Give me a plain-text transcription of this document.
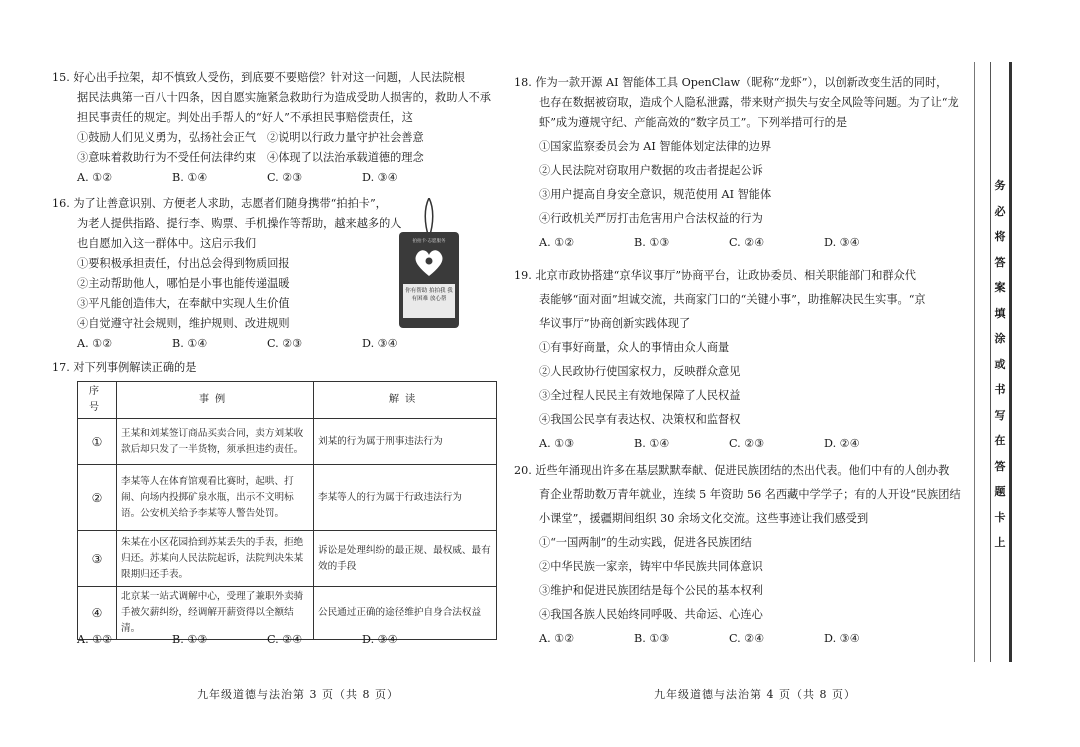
15. 好心出手拉架，却不慎致人受伤，到底要不要赔偿？针对这一问题，人民法院根
据民法典第一百八十四条，因自愿实施紧急救助行为造成受助人损害的，救助人不承
担民事责任的规定。判处出手帮人的“好人”不承担民事赔偿责任，这
①鼓励人们见义勇为，弘扬社会正气 ②说明以行政力量守护社会善意
③意味着救助行为不受任何法律约束 ④体现了以法治承载道德的理念
A. ①②	B. ①④	C. ②③	D. ③④
16. 为了让善意识别、方便老人求助，志愿者们随身携带“拍拍卡”，
为老人提供指路、提行李、购票、手机操作等帮助，越来越多的人
也自愿加入这一群体中。这启示我们
①要积极承担责任，付出总会得到物质回报
②主动帮助他人，哪怕是小事也能传递温暖
③平凡能创造伟大，在奉献中实现人生价值
④自觉遵守社会规则，维护规则、改进规则
A. ①②	B. ①④	C. ②③	D. ③④
17. 对下列事例解读正确的是
序号	事例	解读
①	王某和刘某签订商品买卖合同，卖方刘某收款后却只发了一半货物，须承担违约责任。	刘某的行为属于刑事违法行为
②	李某等人在体育馆观看比赛时，起哄、打闹、向场内投掷矿泉水瓶，出示不文明标语。公安机关给予李某等人警告处罚。	李某等人的行为属于行政违法行为
③	朱某在小区花园拾到苏某丢失的手表，拒绝归还。苏某向人民法院起诉，法院判决朱某限期归还手表。	诉讼是处理纠纷的最正规、最权威、最有效的手段
④	北京某一站式调解中心，受理了兼职外卖骑手被欠薪纠纷，经调解开薪资得以全额结清。	公民通过正确的途径维护自身合法权益
A. ①②	B. ①③	C. ②④	D. ③④
九年级道德与法治第 3 页（共 8 页）
拍拍卡·志愿服务
你有帮助 拍拍我 我有困难 放心帮
18. 作为一款开源 AI 智能体工具 OpenClaw（昵称“龙虾”），以创新改变生活的同时，
也存在数据被窃取，造成个人隐私泄露，带来财产损失与安全风险等问题。为了让“龙
虾”成为遵规守纪、产能高效的“数字员工”。下列举措可行的是
①国家监察委员会为 AI 智能体划定法律的边界
②人民法院对窃取用户数据的攻击者提起公诉
③用户提高自身安全意识，规范使用 AI 智能体
④行政机关严厉打击危害用户合法权益的行为
A. ①②	B. ①③	C. ②④	D. ③④
19. 北京市政协搭建“京华议事厅”协商平台，让政协委员、相关职能部门和群众代
表能够“面对面”坦诚交流，共商家门口的“关键小事”，助推解决民生实事。“京
华议事厅”协商创新实践体现了
①有事好商量，众人的事情由众人商量
②人民政协行使国家权力，反映群众意见
③全过程人民民主有效地保障了人民权益
④我国公民享有表达权、决策权和监督权
A. ①③	B. ①④	C. ②③	D. ②④
20. 近些年涌现出许多在基层默默奉献、促进民族团结的杰出代表。他们中有的人创办教
育企业帮助数万青年就业，连续 5 年资助 56 名西藏中学学子；有的人开设“民族团结
小课堂”，援疆期间组织 30 余场文化交流。这些事迹让我们感受到
①“一国两制”的生动实践，促进各民族团结
②中华民族一家亲，铸牢中华民族共同体意识
③维护和促进民族团结是每个公民的基本权利
④我国各族人民始终同呼吸、共命运、心连心
A. ①②	B. ①③	C. ②④	D. ③④
九年级道德与法治第 4 页（共 8 页）
务
必
将
答
案
填
涂
或
书
写
在
答
题
卡
上
